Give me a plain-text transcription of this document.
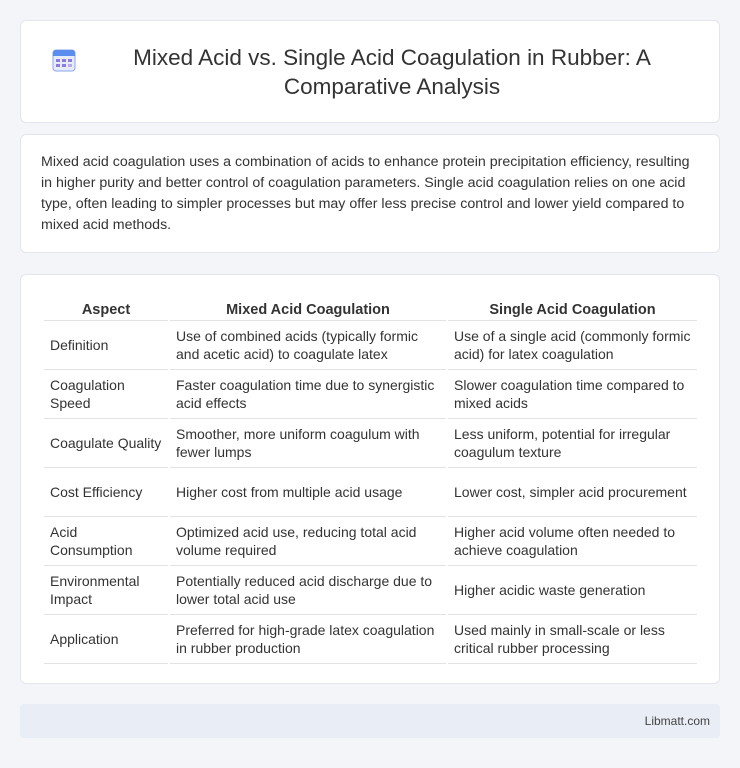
Mixed Acid vs. Single Acid Coagulation in Rubber: A Comparative Analysis

Mixed acid coagulation uses a combination of acids to enhance protein precipitation efficiency, resulting in higher purity and better control of coagulation parameters. Single acid coagulation relies on one acid type, often leading to simpler processes but may offer less precise control and lower yield compared to mixed acid methods.

Aspect	Mixed Acid Coagulation	Single Acid Coagulation
Definition	Use of combined acids (typically formic and acetic acid) to coagulate latex	Use of a single acid (commonly formic acid) for latex coagulation
Coagulation Speed	Faster coagulation time due to synergistic acid effects	Slower coagulation time compared to mixed acids
Coagulate Quality	Smoother, more uniform coagulum with fewer lumps	Less uniform, potential for irregular coagulum texture
Cost Efficiency	Higher cost from multiple acid usage	Lower cost, simpler acid procurement
Acid Consumption	Optimized acid use, reducing total acid volume required	Higher acid volume often needed to achieve coagulation
Environmental Impact	Potentially reduced acid discharge due to lower total acid use	Higher acidic waste generation
Application	Preferred for high-grade latex coagulation in rubber production	Used mainly in small-scale or less critical rubber processing
Libmatt.com
